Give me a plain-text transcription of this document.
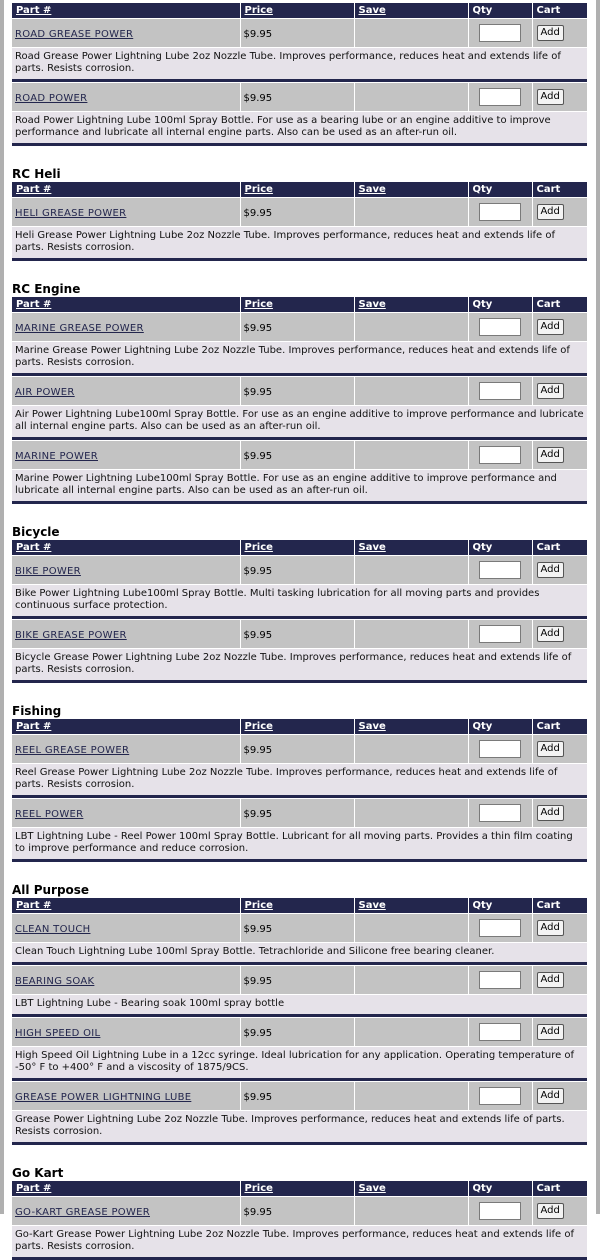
Part #	Price	Save	Qty	Cart
ROAD GREASE POWER	$9.95			Add
Road Grease Power Lightning Lube 2oz Nozzle Tube. Improves performance, reduces heat and extends life of parts. Resists corrosion.				

ROAD POWER	$9.95			Add
Road Power Lightning Lube 100ml Spray Bottle. For use as a bearing lube or an engine additive to improve performance and lubricate all internal engine parts. Also can be used as an after-run oil.				

RC Heli
Part #	Price	Save	Qty	Cart
HELI GREASE POWER	$9.95			Add
Heli Grease Power Lightning Lube 2oz Nozzle Tube. Improves performance, reduces heat and extends life of parts. Resists corrosion.				

RC Engine
Part #	Price	Save	Qty	Cart
MARINE GREASE POWER	$9.95			Add
Marine Grease Power Lightning Lube 2oz Nozzle Tube. Improves performance, reduces heat and extends life of parts. Resists corrosion.				

AIR POWER	$9.95			Add
Air Power Lightning Lube100ml Spray Bottle. For use as an engine additive to improve performance and lubricate all internal engine parts. Also can be used as an after-run oil.				

MARINE POWER	$9.95			Add
Marine Power Lightning Lube100ml Spray Bottle. For use as an engine additive to improve performance and lubricate all internal engine parts. Also can be used as an after-run oil.				

Bicycle
Part #	Price	Save	Qty	Cart
BIKE POWER	$9.95			Add
Bike Power Lightning Lube100ml Spray Bottle. Multi tasking lubrication for all moving parts and provides continuous surface protection.				

BIKE GREASE POWER	$9.95			Add
Bicycle Grease Power Lightning Lube 2oz Nozzle Tube. Improves performance, reduces heat and extends life of parts. Resists corrosion.				

Fishing
Part #	Price	Save	Qty	Cart
REEL GREASE POWER	$9.95			Add
Reel Grease Power Lightning Lube 2oz Nozzle Tube. Improves performance, reduces heat and extends life of parts. Resists corrosion.				

REEL POWER	$9.95			Add
LBT Lightning Lube - Reel Power 100ml Spray Bottle. Lubricant for all moving parts. Provides a thin film coating to improve performance and reduce corrosion.				

All Purpose
Part #	Price	Save	Qty	Cart
CLEAN TOUCH	$9.95			Add
Clean Touch Lightning Lube 100ml Spray Bottle. Tetrachloride and Silicone free bearing cleaner.				

BEARING SOAK	$9.95			Add
LBT Lightning Lube - Bearing soak 100ml spray bottle				

HIGH SPEED OIL	$9.95			Add
High Speed Oil Lightning Lube in a 12cc syringe. Ideal lubrication for any application. Operating temperature of -50° F to +400° F and a viscosity of 1875/9CS.				

GREASE POWER LIGHTNING LUBE	$9.95			Add
Grease Power Lightning Lube 2oz Nozzle Tube. Improves performance, reduces heat and extends life of parts. Resists corrosion.				

Go Kart
Part #	Price	Save	Qty	Cart
GO-KART GREASE POWER	$9.95			Add
Go-Kart Grease Power Lightning Lube 2oz Nozzle Tube. Improves performance, reduces heat and extends life of parts. Resists corrosion.				
